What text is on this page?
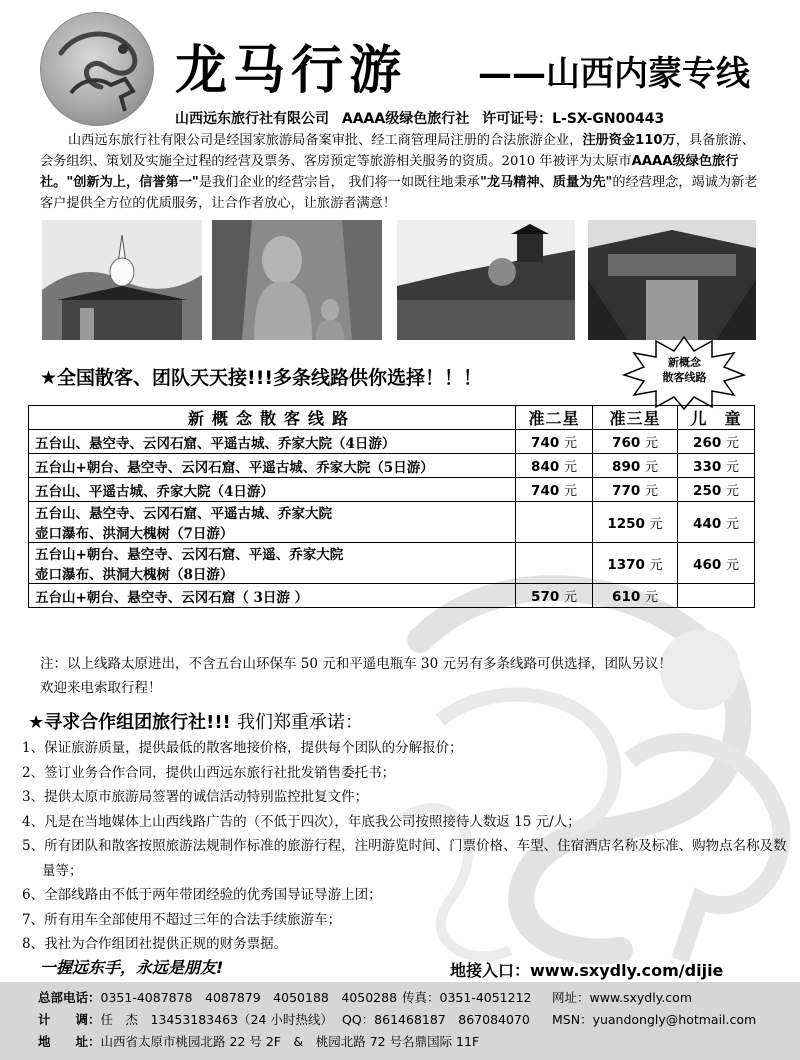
龙马行游 ——山西内蒙专线
山西远东旅行社有限公司 AAAA级绿色旅行社 许可证号：L-SX-GN00443
山西远东旅行社有限公司是经国家旅游局备案审批、经工商管理局注册的合法旅游企业，注册资金110万，具备旅游、会务组织、策划及实施全过程的经营及票务、客房预定等旅游相关服务的资质。2010 年被评为太原市AAAA级绿色旅行社。"创新为上，信誉第一"是我们企业的经营宗旨， 我们将一如既往地秉承"龙马精神、质量为先"的经营理念，竭诚为新老客户提供全方位的优质服务，让合作者放心，让旅游者满意！
★全国散客、团队天天接!!!多条线路供你选择！！！
新概念
散客线路
新概念散客线路	准二星	准三星	儿　童

五台山、悬空寺、云冈石窟、平遥古城、乔家大院（4日游）	740 元	760 元	260 元

五台山+朝台、悬空寺、云冈石窟、平遥古城、乔家大院（5日游）	840 元	890 元	330 元

五台山、平遥古城、乔家大院（4日游）	740 元	770 元	250 元

五台山、悬空寺、云冈石窟、平遥古城、乔家大院
壶口瀑布、洪洞大槐树（7日游）		1250 元	440 元

五台山+朝台、悬空寺、云冈石窟、平遥、乔家大院
壶口瀑布、洪洞大槐树（8日游）		1370 元	460 元

五台山+朝台、悬空寺、云冈石窟（ 3日游 ）	570 元	610 元	
注：以上线路太原进出，不含五台山环保车 50 元和平遥电瓶车 30 元另有多条线路可供选择，团队另议！
欢迎来电索取行程！
★寻求合作组团旅行社!!! 我们郑重承诺：
1、保证旅游质量，提供最低的散客地接价格，提供每个团队的分解报价；
2、签订业务合作合同，提供山西远东旅行社批发销售委托书；
3、提供太原市旅游局签署的诚信活动特别监控批复文件；
4、凡是在当地媒体上山西线路广告的（不低于四次），年底我公司按照接待人数返 15 元/人；
5、所有团队和散客按照旅游法规制作标准的旅游行程，注明游览时间、门票价格、车型、住宿酒店名称及标准、购物点名称及数量等；
6、全部线路由不低于两年带团经验的优秀国导证导游上团；
7、所有用车全部使用不超过三年的合法手续旅游车；
8、我社为合作组团社提供正规的财务票据。
一握远东手，永远是朋友!	地接入口：www.sxydly.com/dijie
总部电话：0351-4087878　4087879　4050188　4050288 传真：0351-4051212 网址：www.sxydly.com
计　　调：任　杰　13453183463（24 小时热线） QQ：861468187　867084070 MSN：yuandongly@hotmail.com
地　　址：山西省太原市桃园北路 22 号 2F　&　桃园北路 72 号名鼎国际 11F
